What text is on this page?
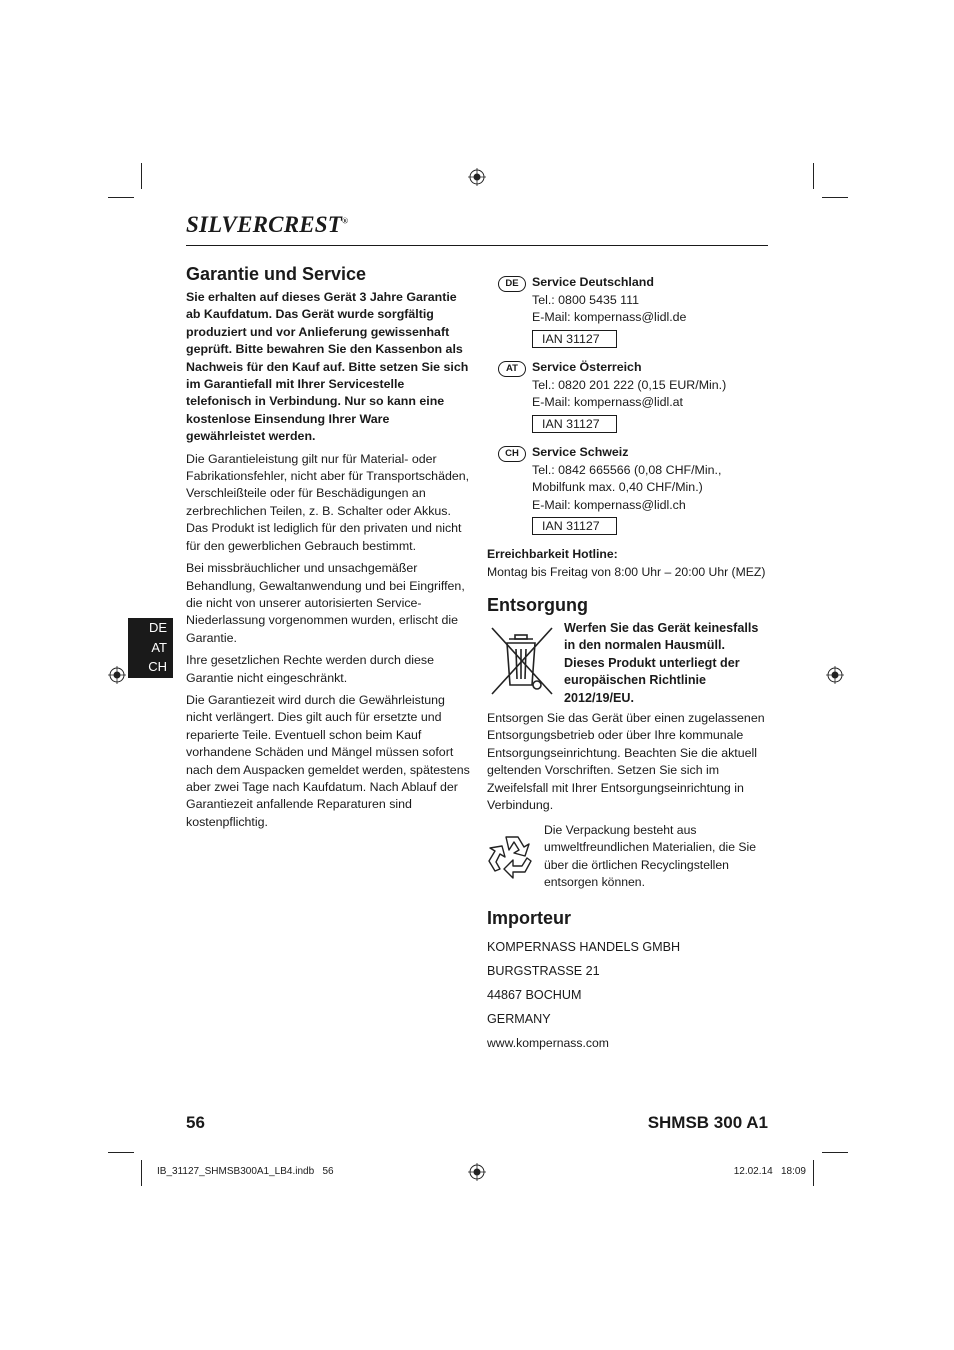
SILVERCREST®
Garantie und Service

Sie erhalten auf dieses Gerät 3 Jahre Garantie ab Kaufdatum. Das Gerät wurde sorgfältig produziert und vor Anlieferung gewissenhaft geprüft. Bitte bewahren Sie den Kassenbon als Nachweis für den Kauf auf. Bitte setzen Sie sich im Garantiefall mit Ihrer Servicestelle telefonisch in Verbindung. Nur so kann eine kostenlose Einsendung Ihrer Ware gewährleistet werden.

Die Garantieleistung gilt nur für Material- oder Fabrikationsfehler, nicht aber für Transportschäden, Verschleißteile oder für Beschädigungen an zerbrechlichen Teilen, z. B. Schalter oder Akkus. Das Produkt ist lediglich für den privaten und nicht für den gewerblichen Gebrauch bestimmt.

Bei missbräuchlicher und unsachgemäßer Behandlung, Gewaltanwendung und bei Eingriffen, die nicht von unserer autorisierten Service-Niederlassung vorgenommen wurden, erlischt die Garantie.

Ihre gesetzlichen Rechte werden durch diese Garantie nicht eingeschränkt.

Die Garantiezeit wird durch die Gewährleistung nicht verlängert. Dies gilt auch für ersetzte und reparierte Teile. Eventuell schon beim Kauf vorhandene Schäden und Mängel müssen sofort nach dem Auspacken gemeldet werden, spätestens aber zwei Tage nach Kaufdatum. Nach Ablauf der Garantiezeit anfallende Reparaturen sind kostenpflichtig.

DE
AT
CH
DE	Service Deutschland
Tel.: 0800 5435 111
E-Mail: kompernass@lidl.de
IAN 31127
AT	Service Österreich
Tel.: 0820 201 222 (0,15 EUR/Min.)
E-Mail: kompernass@lidl.at
IAN 31127
CH	Service Schweiz
Tel.: 0842 665566 (0,08 CHF/Min.,
Mobilfunk max. 0,40 CHF/Min.)
E-Mail: kompernass@lidl.ch
IAN 31127
Erreichbarkeit Hotline:
Montag bis Freitag von 8:00 Uhr – 20:00 Uhr (MEZ)
Entsorgung
Werfen Sie das Gerät keinesfalls in den normalen Hausmüll. Dieses Produkt unterliegt der europäischen Richtlinie 2012/19/EU.
Entsorgen Sie das Gerät über einen zugelassenen Entsorgungsbetrieb oder über Ihre kommunale Entsorgungseinrichtung. Beachten Sie die aktuell geltenden Vorschriften. Setzen Sie sich im Zweifelsfall mit Ihrer Entsorgungseinrichtung in Verbindung.
Die Verpackung besteht aus umweltfreundlichen Materialien, die Sie über die örtlichen Recyclingstellen entsorgen können.
Importeur
KOMPERNASS HANDELS GMBH
BURGSTRASSE 21
44867 BOCHUM
GERMANY
www.kompernass.com
56	SHMSB 300 A1
IB_31127_SHMSB300A1_LB4.indb   56	12.02.14   18:09
